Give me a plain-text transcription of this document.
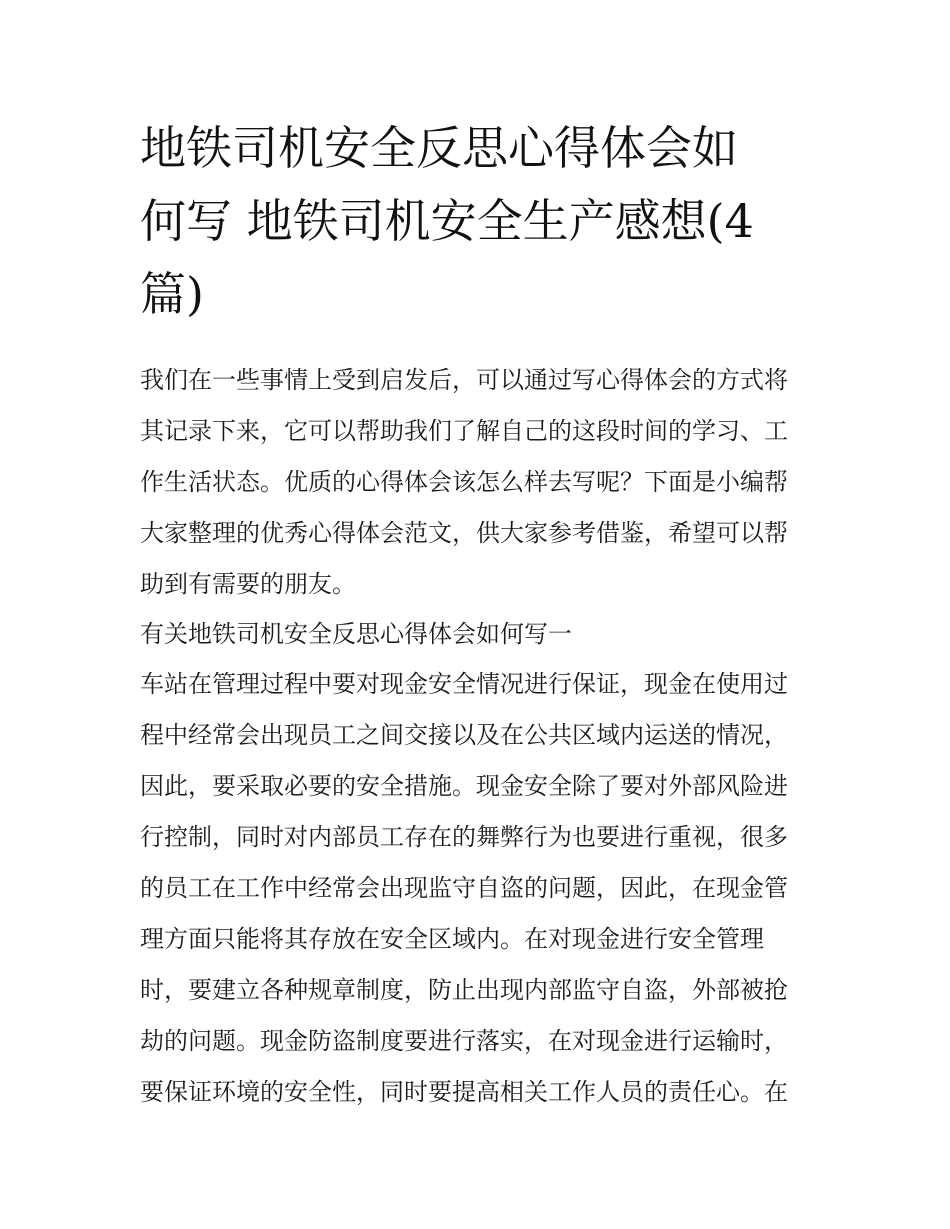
地铁司机安全反思心得体会如
何写 地铁司机安全生产感想(4
篇)
我们在一些事情上受到启发后，可以通过写心得体会的方式将
其记录下来，它可以帮助我们了解自己的这段时间的学习、工
作生活状态。优质的心得体会该怎么样去写呢？下面是小编帮
大家整理的优秀心得体会范文，供大家参考借鉴，希望可以帮
助到有需要的朋友。
有关地铁司机安全反思心得体会如何写一
车站在管理过程中要对现金安全情况进行保证，现金在使用过
程中经常会出现员工之间交接以及在公共区域内运送的情况，
因此，要采取必要的安全措施。现金安全除了要对外部风险进
行控制，同时对内部员工存在的舞弊行为也要进行重视，很多
的员工在工作中经常会出现监守自盗的问题，因此，在现金管
理方面只能将其存放在安全区域内。在对现金进行安全管理
时，要建立各种规章制度，防止出现内部监守自盗，外部被抢
劫的问题。现金防盗制度要进行落实，在对现金进行运输时，
要保证环境的安全性，同时要提高相关工作人员的责任心。在
